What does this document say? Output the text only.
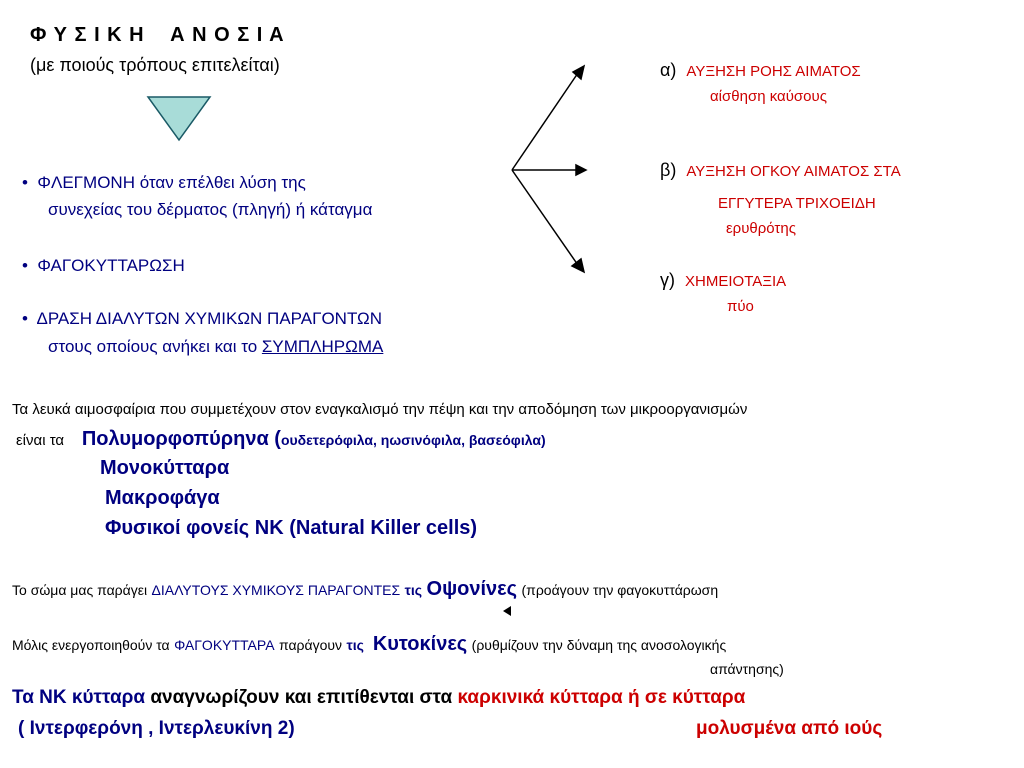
Φ Υ Σ Ι Κ Η    Α Ν Ο Σ Ι Α
(με ποιούς τρόπους επιτελείται)
• ΦΛΕΓΜΟΝΗ όταν επέλθει λύση της
συνεχείας του δέρματος (πληγή) ή κάταγμα
• ΦΑΓΟΚΥΤΤΑΡΩΣΗ
• ΔΡΑΣΗ ΔΙΑΛΥΤΩΝ ΧΥΜΙΚΩΝ ΠΑΡΑΓΟΝΤΩΝ
στους οποίους ανήκει και το ΣΥΜΠΛΗΡΩΜΑ
α) ΑΥΞΗΣΗ ΡΟΗΣ ΑΙΜΑΤΟΣ
αίσθηση καύσους
β) ΑΥΞΗΣΗ ΟΓΚΟΥ ΑΙΜΑΤΟΣ ΣΤΑ
ΕΓΓΥΤΕΡΑ ΤΡΙΧΟΕΙΔΗ
ερυθρότης
γ) ΧΗΜΕΙΟΤΑΞΙΑ
πύο
Τα λευκά αιμοσφαίρια που συμμετέχουν στον εναγκαλισμό την πέψη και την αποδόμηση των μικροοργανισμών
είναι τα Πολυμορφοπύρηνα (ουδετερόφιλα, ηωσινόφιλα, βασεόφιλα)
Μονοκύτταρα
Μακροφάγα
Φυσικοί φονείς NK (Natural Killer cells)
Το σώμα μας παράγει ΔΙΑΛΥΤΟΥΣ ΧΥΜΙΚΟΥΣ ΠΑΡΑΓΟΝΤΕΣ τις Οψονίνες (προάγουν την φαγοκυττάρωση
Μόλις ενεργοποιηθούν τα ΦΑΓΟΚΥΤΤΑΡΑ παράγουν τις Κυτοκίνες (ρυθμίζουν την δύναμη της ανοσολογικής
απάντησης)
Τα NK κύτταρα αναγνωρίζουν και επιτίθενται στα καρκινικά κύτταρα ή σε κύτταρα
( Ιντερφερόνη , Ιντερλευκίνη 2)	μολυσμένα από ιούς
